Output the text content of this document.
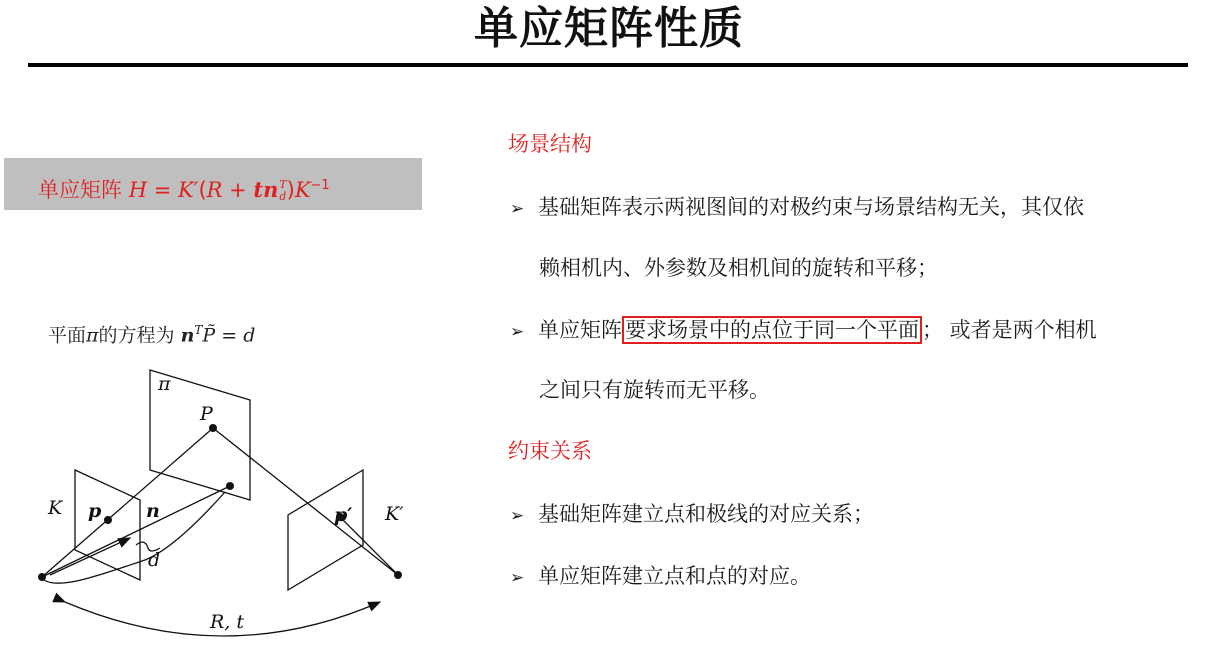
单应矩阵性质
单应矩阵 H = K′(R + tn T
d )$K^{-1}$
平面π的方程为 $n^TP̃ = d$
π
P
K p n
d
p′ K′
R, t
场景结构
➢ 基础矩阵表示两视图间的对极约束与场景结构无关，其仅依
赖相机内、外参数及相机间的旋转和平移；
➢ 单应矩阵 要求场景中的点位于同一个平面 ； 或者是两个相机
之间只有旋转而无平移。
约束关系
➢ 基础矩阵建立点和极线的对应关系；
➢ 单应矩阵建立点和点的对应。
